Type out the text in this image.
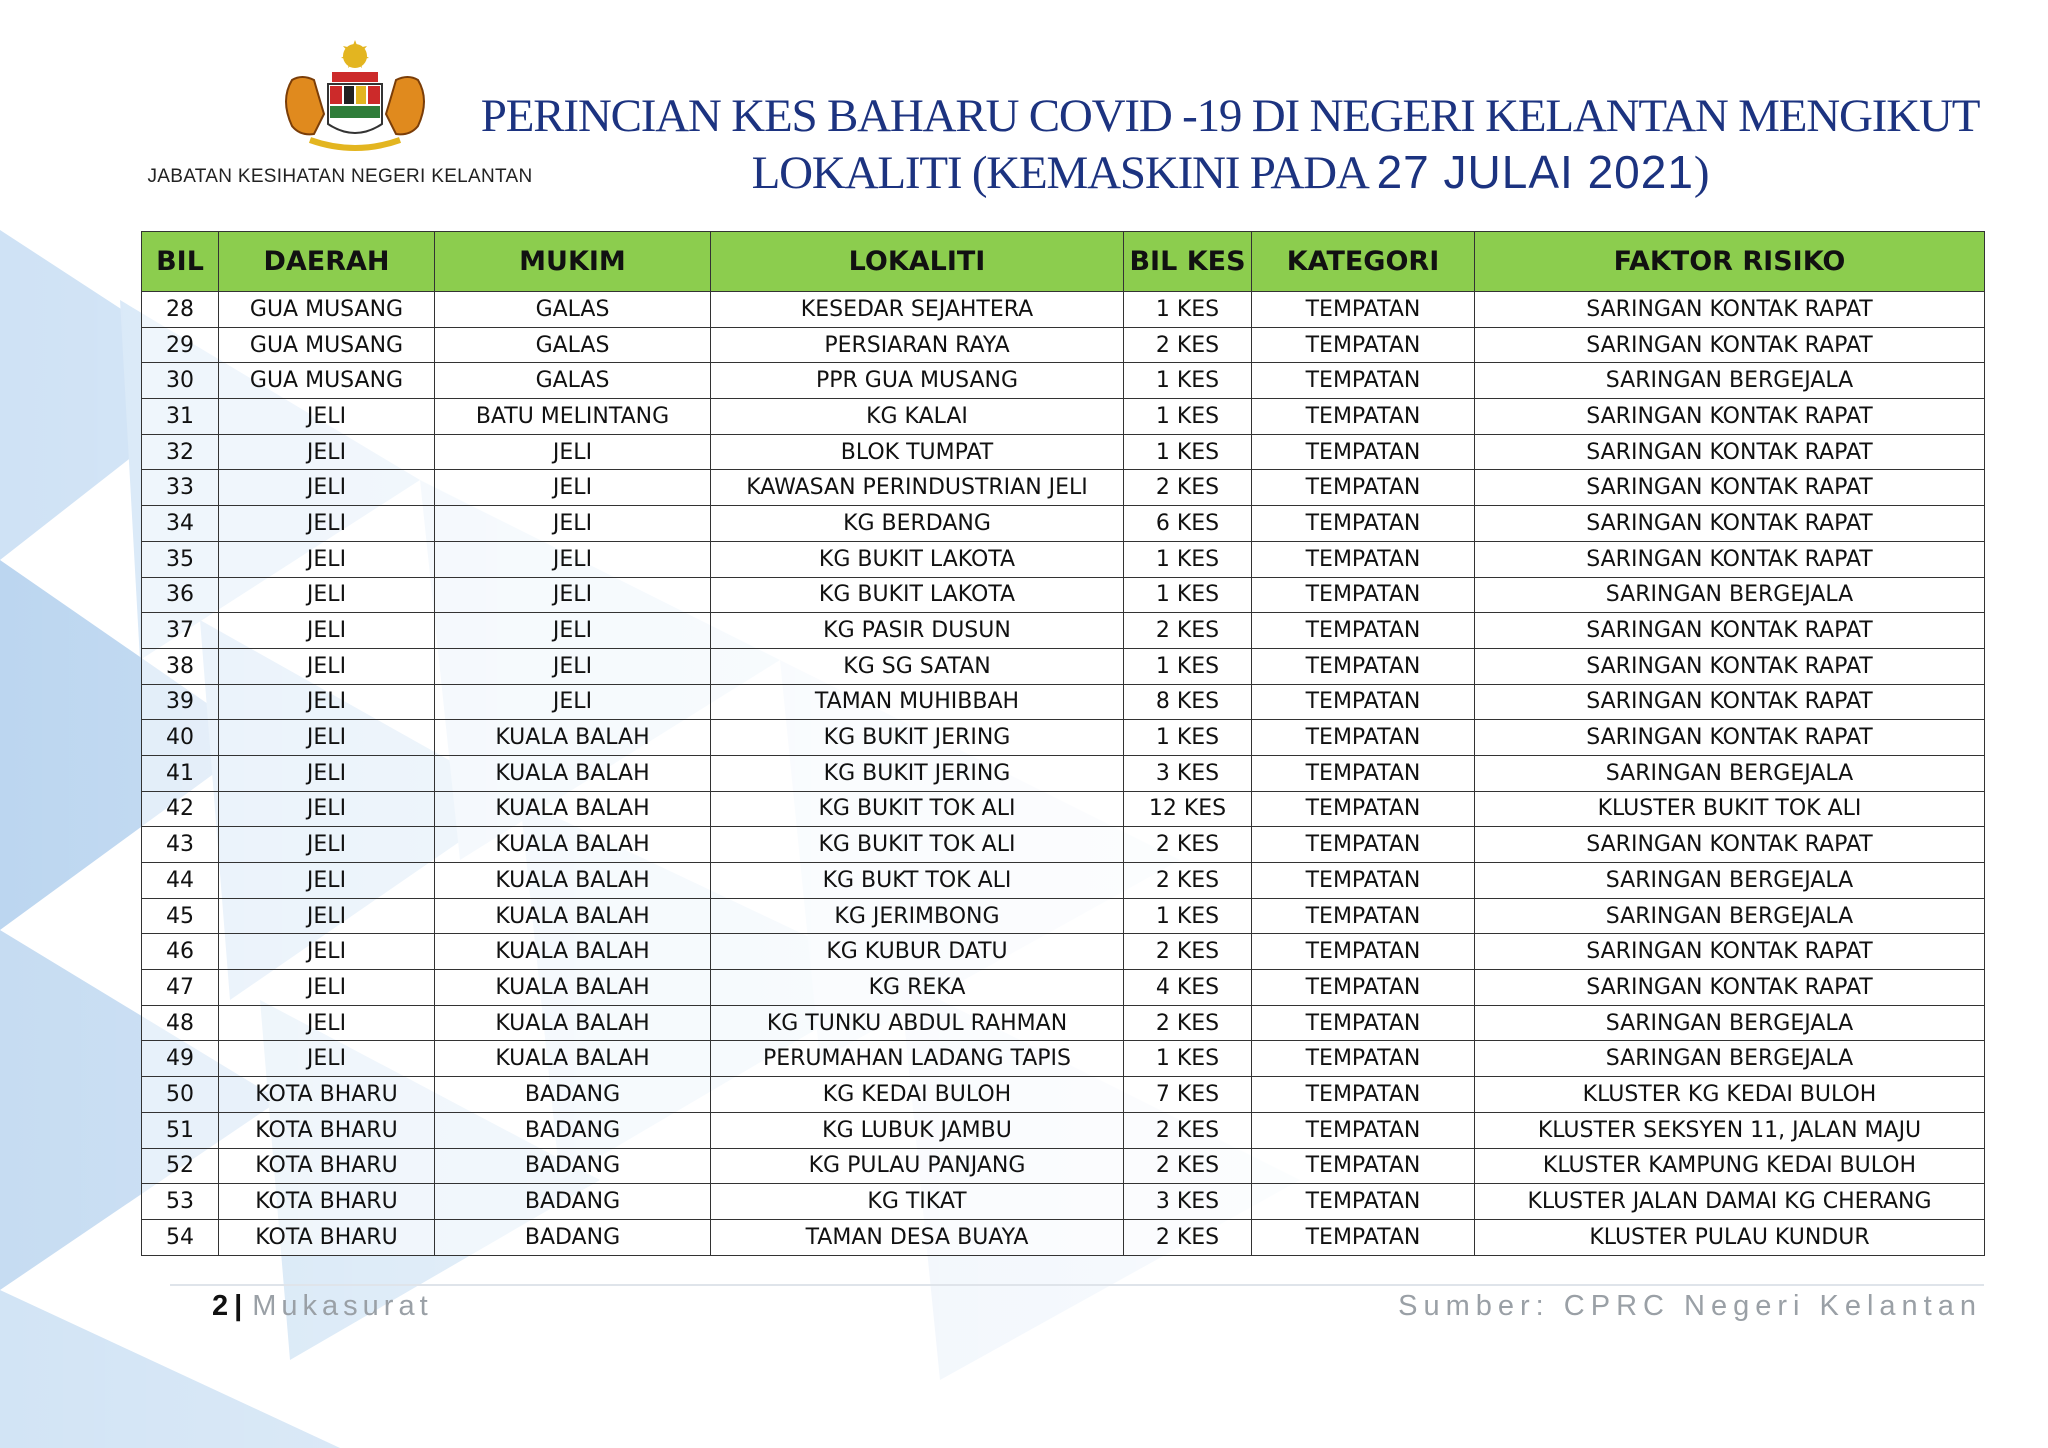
JABATAN KESIHATAN NEGERI KELANTAN
PERINCIAN KES BAHARU COVID -19 DI NEGERI KELANTAN MENGIKUT
LOKALITI (KEMASKINI PADA 27 JULAI 2021)
BIL	DAERAH	MUKIM	LOKALITI	BIL KES	KATEGORI	FAKTOR RISIKO
28	GUA MUSANG	GALAS	KESEDAR SEJAHTERA	1 KES	TEMPATAN	SARINGAN KONTAK RAPAT
29	GUA MUSANG	GALAS	PERSIARAN RAYA	2 KES	TEMPATAN	SARINGAN KONTAK RAPAT
30	GUA MUSANG	GALAS	PPR GUA MUSANG	1 KES	TEMPATAN	SARINGAN BERGEJALA
31	JELI	BATU MELINTANG	KG KALAI	1 KES	TEMPATAN	SARINGAN KONTAK RAPAT
32	JELI	JELI	BLOK TUMPAT	1 KES	TEMPATAN	SARINGAN KONTAK RAPAT
33	JELI	JELI	KAWASAN PERINDUSTRIAN JELI	2 KES	TEMPATAN	SARINGAN KONTAK RAPAT
34	JELI	JELI	KG BERDANG	6 KES	TEMPATAN	SARINGAN KONTAK RAPAT
35	JELI	JELI	KG BUKIT LAKOTA	1 KES	TEMPATAN	SARINGAN KONTAK RAPAT
36	JELI	JELI	KG BUKIT LAKOTA	1 KES	TEMPATAN	SARINGAN BERGEJALA
37	JELI	JELI	KG PASIR DUSUN	2 KES	TEMPATAN	SARINGAN KONTAK RAPAT
38	JELI	JELI	KG SG SATAN	1 KES	TEMPATAN	SARINGAN KONTAK RAPAT
39	JELI	JELI	TAMAN MUHIBBAH	8 KES	TEMPATAN	SARINGAN KONTAK RAPAT
40	JELI	KUALA BALAH	KG BUKIT JERING	1 KES	TEMPATAN	SARINGAN KONTAK RAPAT
41	JELI	KUALA BALAH	KG BUKIT JERING	3 KES	TEMPATAN	SARINGAN BERGEJALA
42	JELI	KUALA BALAH	KG BUKIT TOK ALI	12 KES	TEMPATAN	KLUSTER BUKIT TOK ALI
43	JELI	KUALA BALAH	KG BUKIT TOK ALI	2 KES	TEMPATAN	SARINGAN KONTAK RAPAT
44	JELI	KUALA BALAH	KG BUKT TOK ALI	2 KES	TEMPATAN	SARINGAN BERGEJALA
45	JELI	KUALA BALAH	KG JERIMBONG	1 KES	TEMPATAN	SARINGAN BERGEJALA
46	JELI	KUALA BALAH	KG KUBUR DATU	2 KES	TEMPATAN	SARINGAN KONTAK RAPAT
47	JELI	KUALA BALAH	KG REKA	4 KES	TEMPATAN	SARINGAN KONTAK RAPAT
48	JELI	KUALA BALAH	KG TUNKU ABDUL RAHMAN	2 KES	TEMPATAN	SARINGAN BERGEJALA
49	JELI	KUALA BALAH	PERUMAHAN LADANG TAPIS	1 KES	TEMPATAN	SARINGAN BERGEJALA
50	KOTA BHARU	BADANG	KG KEDAI BULOH	7 KES	TEMPATAN	KLUSTER KG KEDAI BULOH
51	KOTA BHARU	BADANG	KG LUBUK JAMBU	2 KES	TEMPATAN	KLUSTER SEKSYEN 11, JALAN MAJU
52	KOTA BHARU	BADANG	KG PULAU PANJANG	2 KES	TEMPATAN	KLUSTER KAMPUNG KEDAI BULOH
53	KOTA BHARU	BADANG	KG TIKAT	3 KES	TEMPATAN	KLUSTER JALAN DAMAI KG CHERANG
54	KOTA BHARU	BADANG	TAMAN DESA BUAYA	2 KES	TEMPATAN	KLUSTER PULAU KUNDUR
2 | Mukasurat	Sumber: CPRC Negeri Kelantan
